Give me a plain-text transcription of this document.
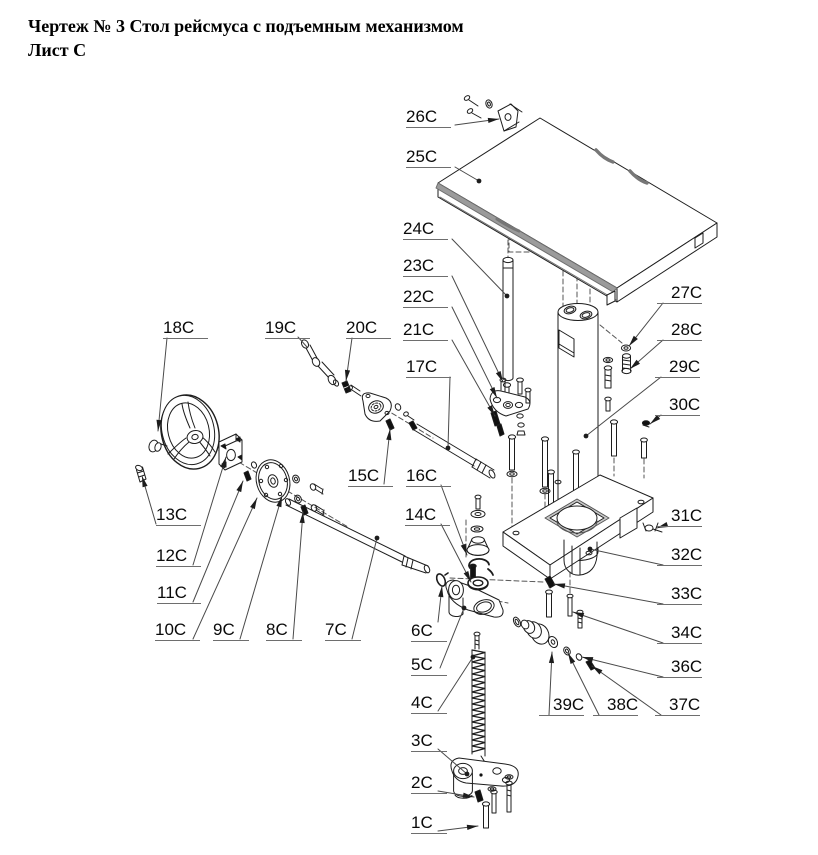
Чертеж № 3 Стол рейсмуса с подъемным механизмом
Лист С
1C
2C
3C
4C
5C
6C
7C
8C
9C
10C
11C
12C
13C	14C
15C	16C
17C
18C	19C	20C	21C
22C
23C
24C
25C
26C
27C
28C
29C
30C
31C
32C
33C
34C
36C
37C
38C
39C
